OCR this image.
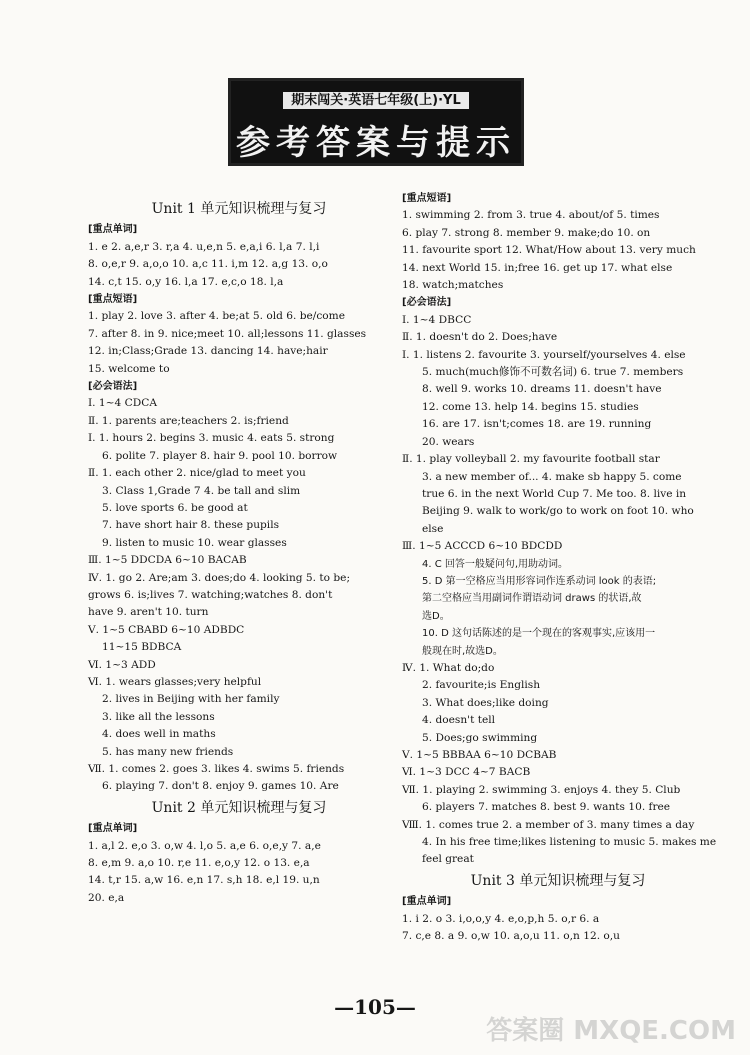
期末闯关·英语七年级(上)·YL
参考答案与提示
Unit 1 单元知识梳理与复习
[重点单词]
1. e 2. a,e,r 3. r,a 4. u,e,n 5. e,a,i 6. l,a 7. l,i
8. o,e,r 9. a,o,o 10. a,c 11. i,m 12. a,g 13. o,o
14. c,t 15. o,y 16. l,a 17. e,c,o 18. l,a
[重点短语]
1. play 2. love 3. after 4. be;at 5. old 6. be/come
7. after 8. in 9. nice;meet 10. all;lessons 11. glasses
12. in;Class;Grade 13. dancing 14. have;hair
15. welcome to
[必会语法]
Ⅰ. 1~4 CDCA
Ⅱ. 1. parents are;teachers 2. is;friend
Ⅰ. 1. hours 2. begins 3. music 4. eats 5. strong
6. polite 7. player 8. hair 9. pool 10. borrow
Ⅱ. 1. each other 2. nice/glad to meet you
3. Class 1,Grade 7 4. be tall and slim
5. love sports 6. be good at
7. have short hair 8. these pupils
9. listen to music 10. wear glasses
Ⅲ. 1~5 DDCDA 6~10 BACAB
Ⅳ. 1. go 2. Are;am 3. does;do 4. looking 5. to be;
grows 6. is;lives 7. watching;watches 8. don't
have 9. aren't 10. turn
Ⅴ. 1~5 CBABD 6~10 ADBDC
11~15 BDBCA
Ⅵ. 1~3 ADD
Ⅵ. 1. wears glasses;very helpful
2. lives in Beijing with her family
3. like all the lessons
4. does well in maths
5. has many new friends
Ⅶ. 1. comes 2. goes 3. likes 4. swims 5. friends
6. playing 7. don't 8. enjoy 9. games 10. Are
Unit 2 单元知识梳理与复习
[重点单词]
1. a,l 2. e,o 3. o,w 4. l,o 5. a,e 6. o,e,y 7. a,e
8. e,m 9. a,o 10. r,e 11. e,o,y 12. o 13. e,a
14. t,r 15. a,w 16. e,n 17. s,h 18. e,l 19. u,n
20. e,a
[重点短语]
1. swimming 2. from 3. true 4. about/of 5. times
6. play 7. strong 8. member 9. make;do 10. on
11. favourite sport 12. What/How about 13. very much
14. next World 15. in;free 16. get up 17. what else
18. watch;matches
[必会语法]
Ⅰ. 1~4 DBCC
Ⅱ. 1. doesn't do 2. Does;have
Ⅰ. 1. listens 2. favourite 3. yourself/yourselves 4. else
5. much(much修饰不可数名词) 6. true 7. members
8. well 9. works 10. dreams 11. doesn't have
12. come 13. help 14. begins 15. studies
16. are 17. isn't;comes 18. are 19. running
20. wears
Ⅱ. 1. play volleyball 2. my favourite football star
3. a new member of... 4. make sb happy 5. come
true 6. in the next World Cup 7. Me too. 8. live in
Beijing 9. walk to work/go to work on foot 10. who
else
Ⅲ. 1~5 ACCCD 6~10 BDCDD
4. C 回答一般疑问句,用助动词。
5. D 第一空格应当用形容词作连系动词 look 的表语;
第二空格应当用副词作谓语动词 draws 的状语,故
选D。
10. D 这句话陈述的是一个现在的客观事实,应该用一
般现在时,故选D。
Ⅳ. 1. What do;do
2. favourite;is English
3. What does;like doing
4. doesn't tell
5. Does;go swimming
Ⅴ. 1~5 BBBAA 6~10 DCBAB
Ⅵ. 1~3 DCC 4~7 BACB
Ⅶ. 1. playing 2. swimming 3. enjoys 4. they 5. Club
6. players 7. matches 8. best 9. wants 10. free
Ⅷ. 1. comes true 2. a member of 3. many times a day
4. In his free time;likes listening to music 5. makes me
feel great
Unit 3 单元知识梳理与复习
[重点单词]
1. i 2. o 3. i,o,o,y 4. e,o,p,h 5. o,r 6. a
7. c,e 8. a 9. o,w 10. a,o,u 11. o,n 12. o,u
—105—
答案圈 MXQE.COM
